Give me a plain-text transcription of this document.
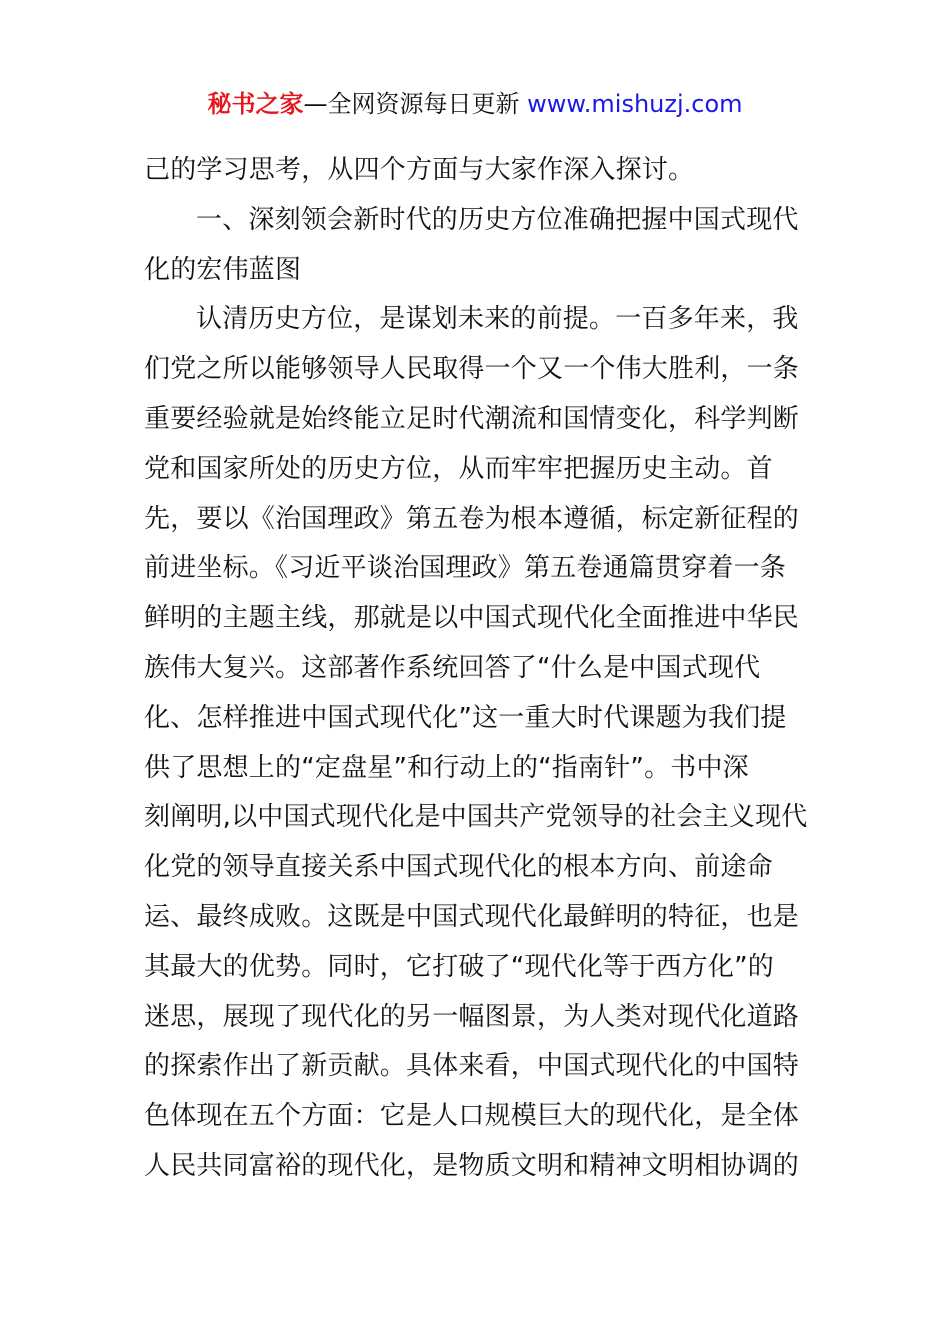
秘书之家—全网资源每日更新 www.mishuzj.com
己的学习思考，从四个方面与大家作深入探讨。
一、深刻领会新时代的历史方位准确把握中国式现代
化的宏伟蓝图
认清历史方位，是谋划未来的前提。一百多年来，我
们党之所以能够领导人民取得一个又一个伟大胜利，一条
重要经验就是始终能立足时代潮流和国情变化，科学判断
党和国家所处的历史方位，从而牢牢把握历史主动。首
先，要以《治国理政》第五卷为根本遵循，标定新征程的
前进坐标。《习近平谈治国理政》第五卷通篇贯穿着一条
鲜明的主题主线，那就是以中国式现代化全面推进中华民
族伟大复兴。这部著作系统回答了“什么是中国式现代
化、怎样推进中国式现代化”这一重大时代课题为我们提
供了思想上的“定盘星”和行动上的“指南针”。书中深
刻阐明,以中国式现代化是中国共产党领导的社会主义现代
化党的领导直接关系中国式现代化的根本方向、前途命
运、最终成败。这既是中国式现代化最鲜明的特征，也是
其最大的优势。同时，它打破了“现代化等于西方化”的
迷思，展现了现代化的另一幅图景，为人类对现代化道路
的探索作出了新贡献。具体来看，中国式现代化的中国特
色体现在五个方面：它是人口规模巨大的现代化，是全体
人民共同富裕的现代化，是物质文明和精神文明相协调的
